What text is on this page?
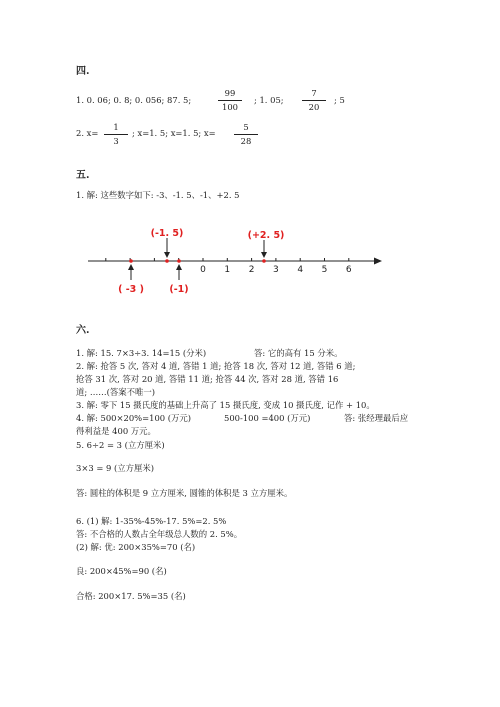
四.
1. 0. 06; 0. 8; 0. 056; 87. 5;
99
100
; 1. 05;
7
20
; 5
2. x=
1
3
; x=1. 5; x=1. 5; x=
5
28
五.
1. 解: 这些数字如下: -3、-1. 5、-1、+2. 5
0 1 2 3 4 5 6
(-1. 5)	(+2. 5)
( -3 )	(-1)
六.
1. 解: 15. 7×3÷3. 14=15 (分米)	答: 它的高有 15 分米。
2. 解: 抢答 5 次, 答对 4 道, 答错 1 道; 抢答 18 次, 答对 12 道, 答错 6 道;
抢答 31 次, 答对 20 道, 答错 11 道; 抢答 44 次, 答对 28 道, 答错 16
道; ……(答案不唯一)
3. 解: 零下 15 摄氏度的基础上升高了 15 摄氏度, 变成 10 摄氏度, 记作 + 10。
4. 解: 500×20%=100 (万元)	500-100 =400 (万元)	答: 张经理最后应
得利益是 400 万元。
5. 6÷2 = 3 (立方厘米)
3×3 = 9 (立方厘米)
答: 圆柱的体积是 9 立方厘米, 圆锥的体积是 3 立方厘米。
6. (1) 解: 1-35%-45%-17. 5%=2. 5%
答: 不合格的人数占全年级总人数的 2. 5%。
(2) 解: 优: 200×35%=70 (名)
良: 200×45%=90 (名)
合格: 200×17. 5%=35 (名)
